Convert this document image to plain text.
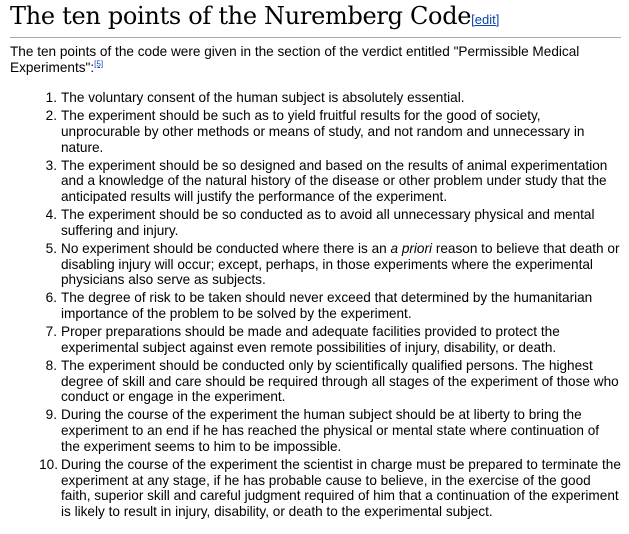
The ten points of the Nuremberg Code[edit]

The ten points of the code were given in the section of the verdict entitled "Permissible Medical Experiments":[5]

1. The voluntary consent of the human subject is absolutely essential.
2. The experiment should be such as to yield fruitful results for the good of society, unprocurable by other methods or means of study, and not random and unnecessary in nature.
3. The experiment should be so designed and based on the results of animal experimentation and a knowledge of the natural history of the disease or other problem under study that the anticipated results will justify the performance of the experiment.
4. The experiment should be so conducted as to avoid all unnecessary physical and mental suffering and injury.
5. No experiment should be conducted where there is an a priori reason to believe that death or disabling injury will occur; except, perhaps, in those experiments where the experimental physicians also serve as subjects.
6. The degree of risk to be taken should never exceed that determined by the humanitarian importance of the problem to be solved by the experiment.
7. Proper preparations should be made and adequate facilities provided to protect the experimental subject against even remote possibilities of injury, disability, or death.
8. The experiment should be conducted only by scientifically qualified persons. The highest degree of skill and care should be required through all stages of the experiment of those who conduct or engage in the experiment.
9. During the course of the experiment the human subject should be at liberty to bring the experiment to an end if he has reached the physical or mental state where continuation of the experiment seems to him to be impossible.
10. During the course of the experiment the scientist in charge must be prepared to terminate the experiment at any stage, if he has probable cause to believe, in the exercise of the good faith, superior skill and careful judgment required of him that a continuation of the experiment is likely to result in injury, disability, or death to the experimental subject.
